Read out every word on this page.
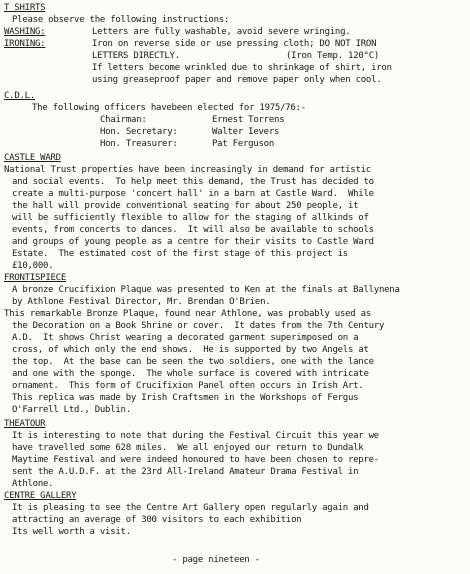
T SHIRTS
Please observe the following instructions:
WASHING:	Letters are fully washable, avoid severe wringing.
IRONING:	Iron on reverse side or use pressing cloth; DO NOT IRON
LETTERS DIRECTLY.	(Iron Temp. 120°C)
If letters become wrinkled due to shrinkage of shirt, iron
using greaseproof paper and remove paper only when cool.
C.D.L.
The following officers havebeen elected for 1975/76:-
Chairman:	Ernest Torrens
Hon. Secretary:	Walter Ievers
Hon. Treasurer:	Pat Ferguson
CASTLE WARD
National Trust properties have been increasingly in demand for artistic
and social events.  To help meet this demand, the Trust has decided to
create a multi-purpose 'concert hall' in a barn at Castle Ward.  While
the hall will provide conventional seating for about 250 people, it
will be sufficiently flexible to allow for the staging of allkinds of
events, from concerts to dances.  It will also be available to schools
and groups of young people as a centre for their visits to Castle Ward
Estate.  The estimated cost of the first stage of this project is
£10,000.
FRONTISPIECE
A bronze Crucifixion Plaque was presented to Ken at the finals at Ballynena
by Athlone Festival Director, Mr. Brendan O'Brien.
This remarkable Bronze Plaque, found near Athlone, was probably used as
the Decoration on a Book Shrine or cover.  It dates from the 7th Century
A.D.  It shows Christ wearing a decorated garment superimposed on a
cross, of which only the end shows.  He is supported by two Angels at
the top.  At the base can be seen the two soldiers, one with the lance
and one with the sponge.  The whole surface is covered with intricate
ornament.  This form of Crucifixion Panel often occurs in Irish Art.
This replica was made by Irish Craftsmen in the Workshops of Fergus
O'Farrell Ltd., Dublin.
THEATOUR
It is interesting to note that during the Festival Circuit this year we
have travelled some 628 miles.  We all enjoyed our return to Dundalk
Maytime Festival and were indeed honoured to have been chosen to repre-
sent the A.U.D.F. at the 23rd All-Ireland Amateur Drama Festival in
Athlone.
CENTRE GALLERY
It is pleasing to see the Centre Art Gallery open regularly again and
attracting an average of 300 visitors to each exhibition
Its well worth a visit.
- page nineteen -
